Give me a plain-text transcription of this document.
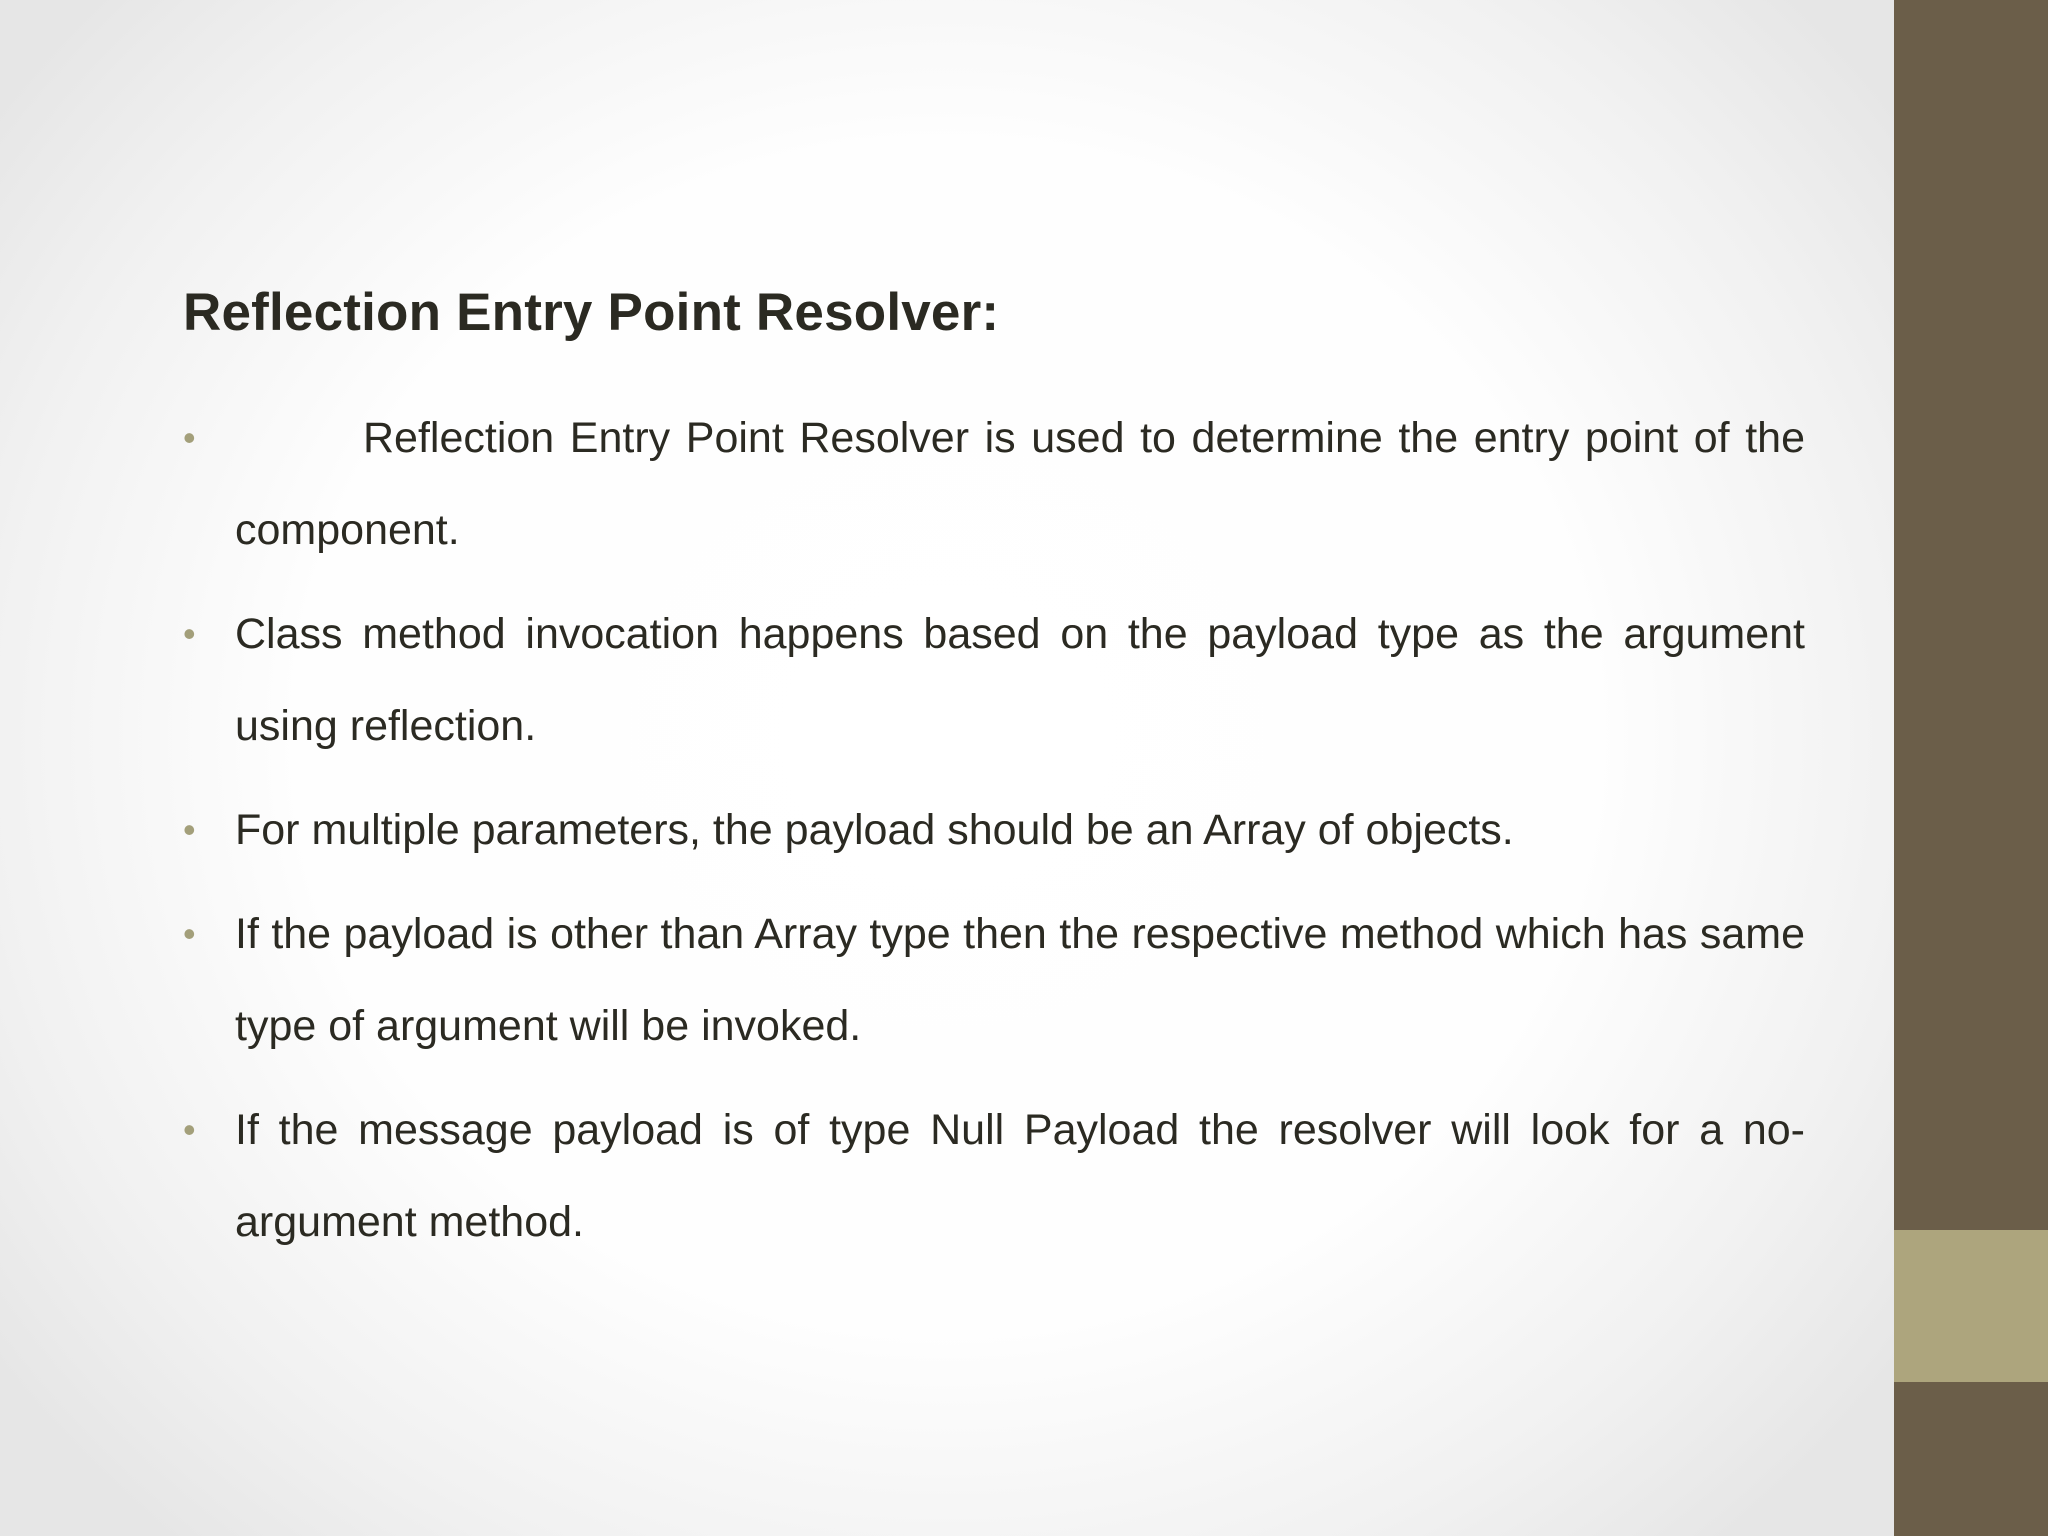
Reflection Entry Point Resolver:
•	Reflection Entry Point Resolver is used to determine the entry point of the component.
• Class method invocation happens based on the payload type as the argument using reflection.
• For multiple parameters, the payload should be an Array of objects.
• If the payload is other than Array type then the respective method which has same type of argument will be invoked.
• If the message payload is of type Null Payload the resolver will look for a no-argument method.
